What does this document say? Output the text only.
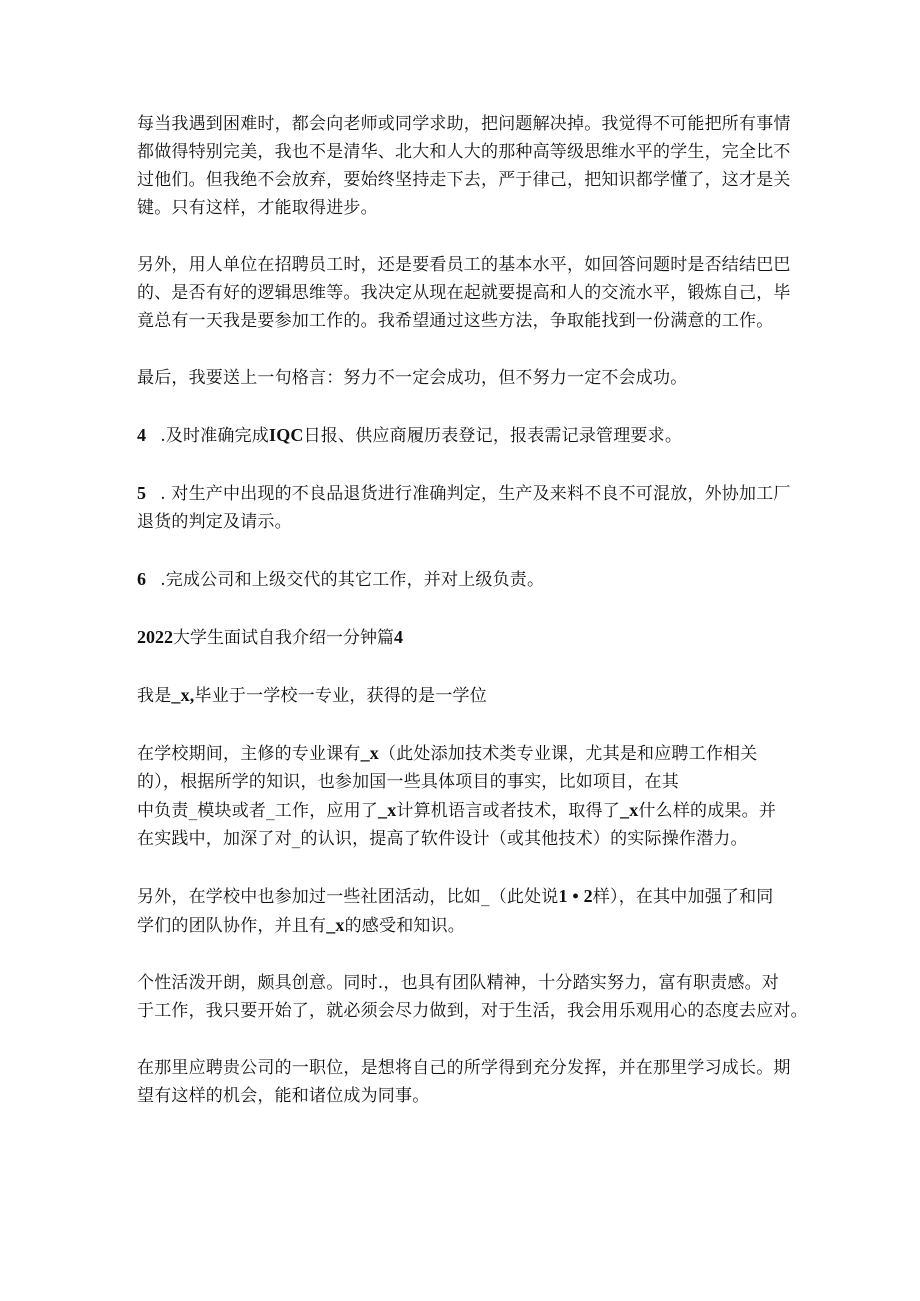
每当我遇到困难时，都会向老师或同学求助，把问题解决掉。我觉得不可能把所有事情
都做得特别完美，我也不是清华、北大和人大的那种高等级思维水平的学生，完全比不
过他们。但我绝不会放弃，要始终坚持走下去，严于律己，把知识都学懂了，这才是关
键。只有这样，才能取得进步。

另外，用人单位在招聘员工时，还是要看员工的基本水平，如回答问题时是否结结巴巴
的、是否有好的逻辑思维等。我决定从现在起就要提高和人的交流水平，锻炼自己，毕
竟总有一天我是要参加工作的。我希望通过这些方法，争取能找到一份满意的工作。

最后，我要送上一句格言：努力不一定会成功，但不努力一定不会成功。

4 .及时准确完成IQC日报、供应商履历表登记，报表需记录管理要求。

5 . 对生产中出现的不良品退货进行准确判定，生产及来料不良不可混放，外协加工厂
退货的判定及请示。

6 .完成公司和上级交代的其它工作，并对上级负责。

2022大学生面试自我介绍一分钟篇4

我是_x,毕业于一学校一专业，获得的是一学位

在学校期间，主修的专业课有_x（此处添加技术类专业课，尤其是和应聘工作相关
的），根据所学的知识，也参加国一些具体项目的事实，比如项目，在其
中负责_模块或者_工作，应用了_x计算机语言或者技术，取得了_x什么样的成果。并
在实践中，加深了对_的认识，提高了软件设计（或其他技术）的实际操作潜力。

另外，在学校中也参加过一些社团活动，比如_（此处说1 • 2样），在其中加强了和同
学们的团队协作，并且有_x的感受和知识。

个性活泼开朗，颇具创意。同时.，也具有团队精神，十分踏实努力，富有职责感。对
于工作，我只要开始了，就必须会尽力做到，对于生活，我会用乐观用心的态度去应对。

在那里应聘贵公司的一职位，是想将自己的所学得到充分发挥，并在那里学习成长。期
望有这样的机会，能和诸位成为同事。
